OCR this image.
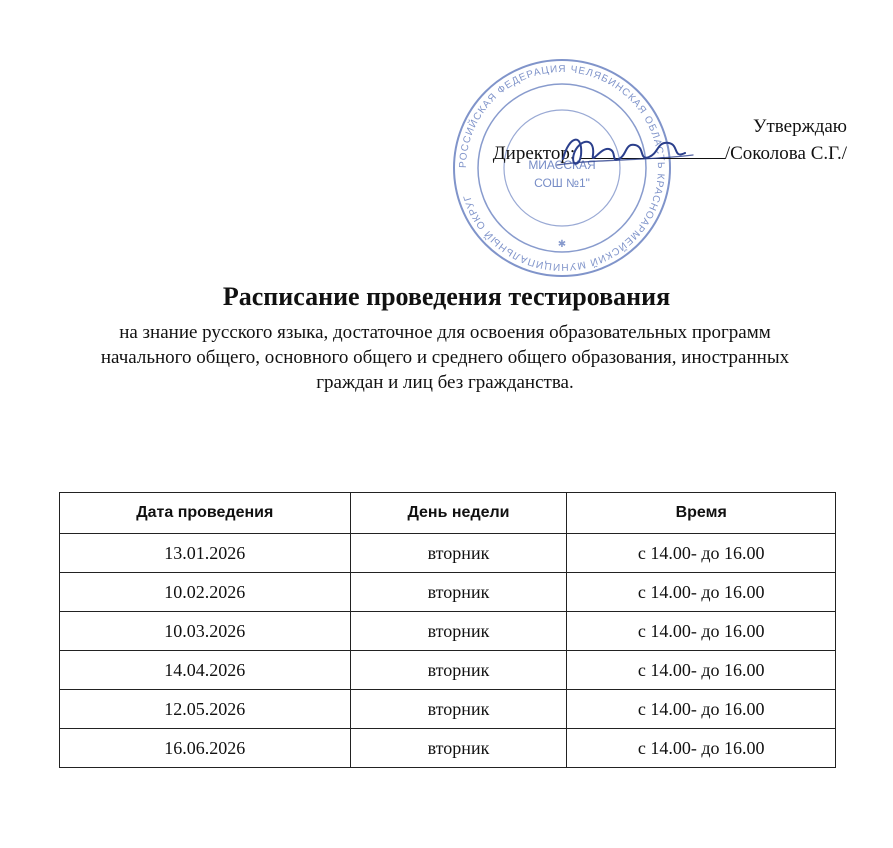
РОССИЙСКАЯ ФЕДЕРАЦИЯ ЧЕЛЯБИНСКАЯ ОБЛАСТЬ КРАСНОАРМЕЙСКИЙ МУНИЦИПАЛЬНЫЙ ОКРУГ
МИАССКАЯ
СОШ №1"
✱
Утверждаю
Директор:	/Соколова С.Г./
Расписание проведения тестирования

на знание русского языка, достаточное для освоения образовательных программ начального общего, основного общего и среднего общего образования, иностранных граждан и лиц без гражданства.

Дата проведения	День недели	Время
13.01.2026	вторник	с 14.00- до 16.00
10.02.2026	вторник	с 14.00- до 16.00
10.03.2026	вторник	с 14.00- до 16.00
14.04.2026	вторник	с 14.00- до 16.00
12.05.2026	вторник	с 14.00- до 16.00
16.06.2026	вторник	с 14.00- до 16.00
